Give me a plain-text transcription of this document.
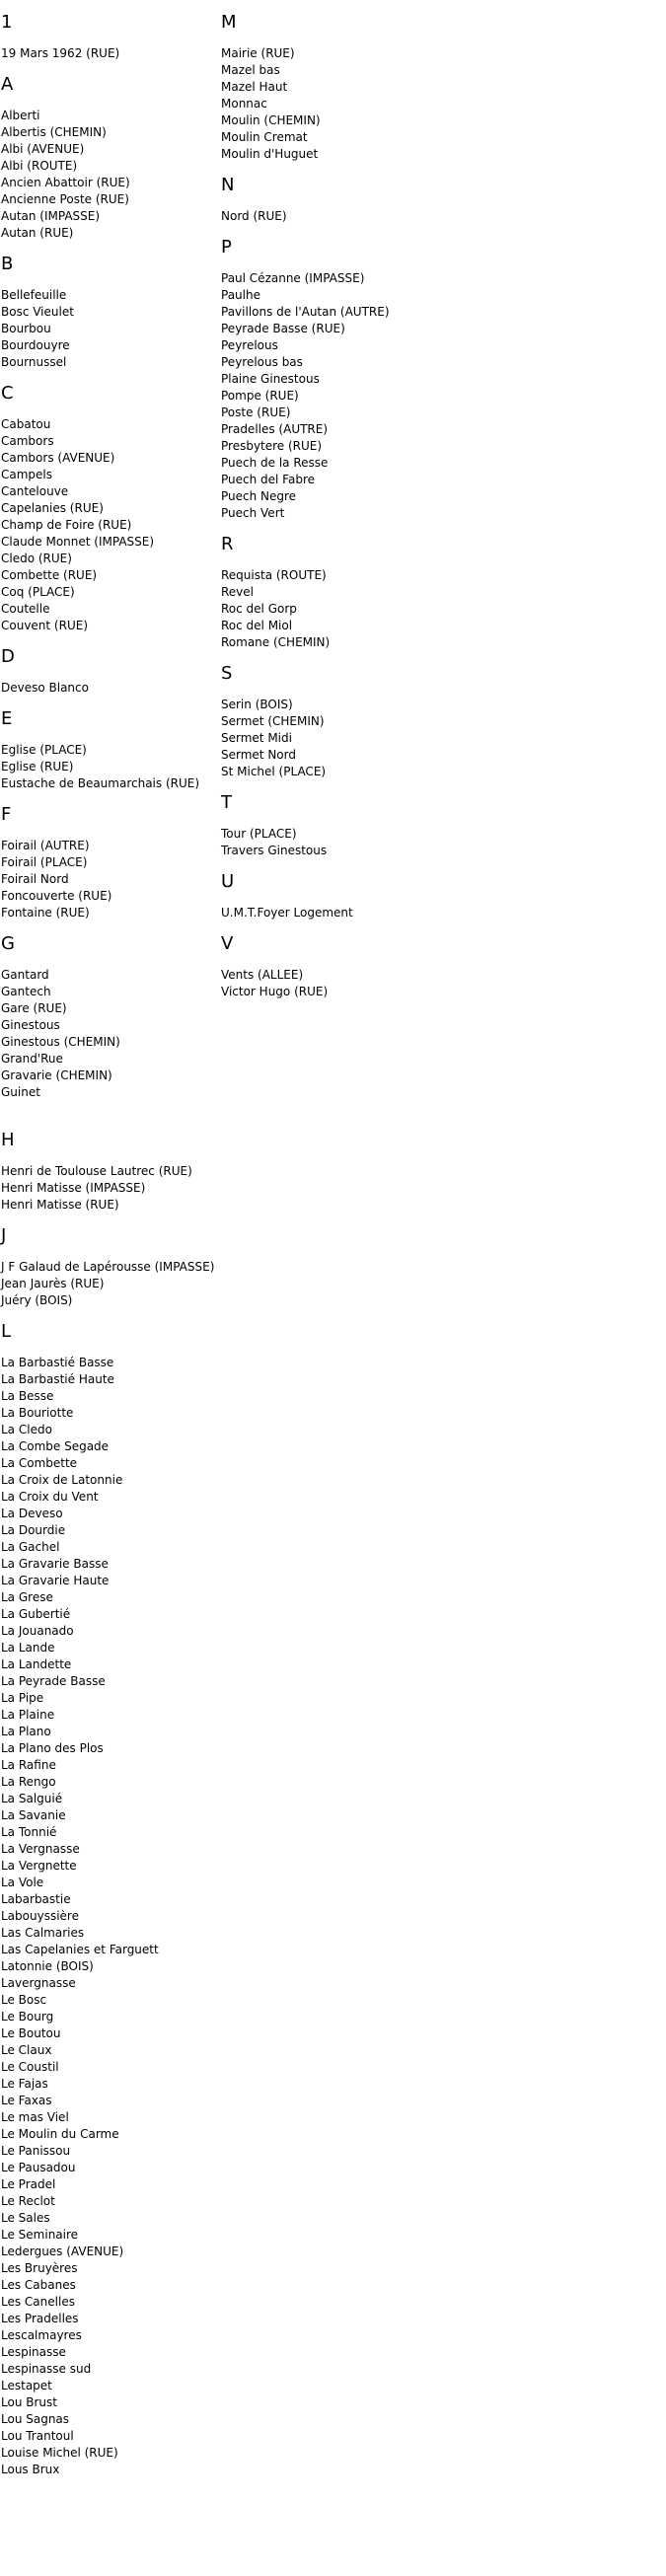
1
19 Mars 1962 (RUE)
A
Alberti
Albertis (CHEMIN)
Albi (AVENUE)
Albi (ROUTE)
Ancien Abattoir (RUE)
Ancienne Poste (RUE)
Autan (IMPASSE)
Autan (RUE)
B
Bellefeuille
Bosc Vieulet
Bourbou
Bourdouyre
Bournussel
C
Cabatou
Cambors
Cambors (AVENUE)
Campels
Cantelouve
Capelanies (RUE)
Champ de Foire (RUE)
Claude Monnet (IMPASSE)
Cledo (RUE)
Combette (RUE)
Coq (PLACE)
Coutelle
Couvent (RUE)
D
Deveso Blanco
E
Eglise (PLACE)
Eglise (RUE)
Eustache de Beaumarchais (RUE)
F
Foirail (AUTRE)
Foirail (PLACE)
Foirail Nord
Foncouverte (RUE)
Fontaine (RUE)
G
Gantard
Gantech
Gare (RUE)
Ginestous
Ginestous (CHEMIN)
Grand'Rue
Gravarie (CHEMIN)
Guinet
H
Henri de Toulouse Lautrec (RUE)
Henri Matisse (IMPASSE)
Henri Matisse (RUE)
J
J F Galaud de Lapérousse (IMPASSE)
Jean Jaurès (RUE)
Juéry (BOIS)
L
La Barbastié Basse
La Barbastié Haute
La Besse
La Bouriotte
La Cledo
La Combe Segade
La Combette
La Croix de Latonnie
La Croix du Vent
La Deveso
La Dourdie
La Gachel
La Gravarie Basse
La Gravarie Haute
La Grese
La Gubertié
La Jouanado
La Lande
La Landette
La Peyrade Basse
La Pipe
La Plaine
La Plano
La Plano des Plos
La Rafine
La Rengo
La Salguié
La Savanie
La Tonnié
La Vergnasse
La Vergnette
La Vole
Labarbastie
Labouyssière
Las Calmaries
Las Capelanies et Farguett
Latonnie (BOIS)
Lavergnasse
Le Bosc
Le Bourg
Le Boutou
Le Claux
Le Coustil
Le Fajas
Le Faxas
Le mas Viel
Le Moulin du Carme
Le Panissou
Le Pausadou
Le Pradel
Le Reclot
Le Sales
Le Seminaire
Ledergues (AVENUE)
Les Bruyères
Les Cabanes
Les Canelles
Les Pradelles
Lescalmayres
Lespinasse
Lespinasse sud
Lestapet
Lou Brust
Lou Sagnas
Lou Trantoul
Louise Michel (RUE)
Lous Brux
M
Mairie (RUE)
Mazel bas
Mazel Haut
Monnac
Moulin (CHEMIN)
Moulin Cremat
Moulin d'Huguet
N
Nord (RUE)
P
Paul Cézanne (IMPASSE)
Paulhe
Pavillons de l'Autan (AUTRE)
Peyrade Basse (RUE)
Peyrelous
Peyrelous bas
Plaine Ginestous
Pompe (RUE)
Poste (RUE)
Pradelles (AUTRE)
Presbytere (RUE)
Puech de la Resse
Puech del Fabre
Puech Negre
Puech Vert
R
Requista (ROUTE)
Revel
Roc del Gorp
Roc del Miol
Romane (CHEMIN)
S
Serin (BOIS)
Sermet (CHEMIN)
Sermet Midi
Sermet Nord
St Michel (PLACE)
T
Tour (PLACE)
Travers Ginestous
U
U.M.T.Foyer Logement
V
Vents (ALLEE)
Victor Hugo (RUE)
